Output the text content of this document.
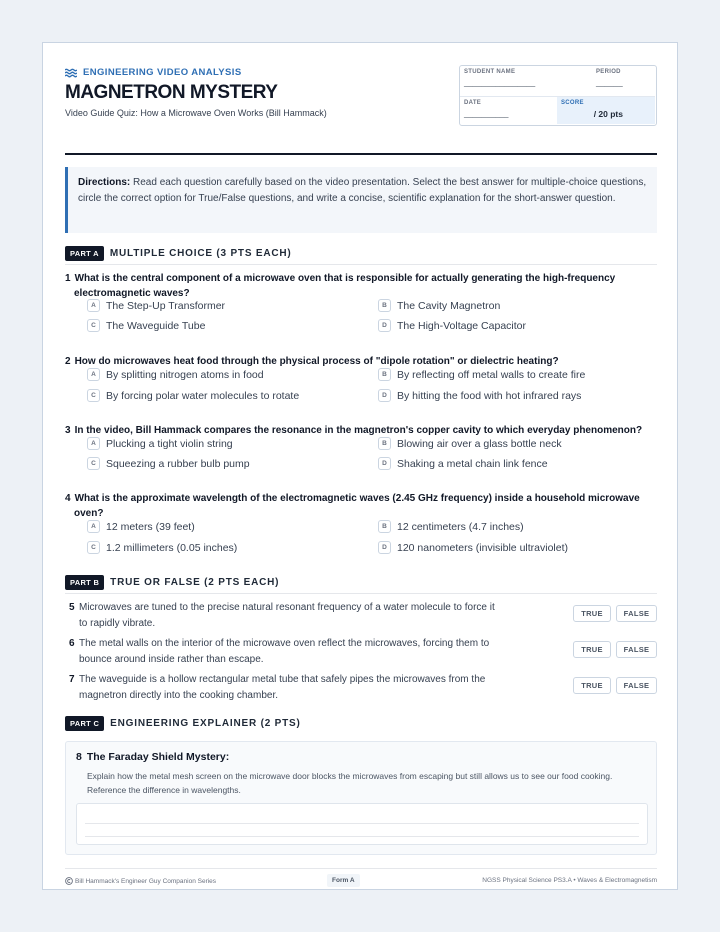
ENGINEERING VIDEO ANALYSIS
MAGNETRON MYSTERY
Video Guide Quiz: How a Microwave Oven Works (Bill Hammack)
STUDENT NAME
________________
PERIOD
______
DATE
__________
SCORE
/ 20 pts
Directions: Read each question carefully based on the video presentation. Select the best answer for multiple-choice questions, circle the correct option for True/False questions, and write a concise, scientific explanation for the short-answer question.
PART A	MULTIPLE CHOICE (3 PTS EACH)
1 What is the central component of a microwave oven that is responsible for actually generating the high-frequency electromagnetic waves?
A The Step-Up Transformer	B The Cavity Magnetron
C The Waveguide Tube	D The High-Voltage Capacitor
2 How do microwaves heat food through the physical process of "dipole rotation" or dielectric heating?
A By splitting nitrogen atoms in food	B By reflecting off metal walls to create fire
C By forcing polar water molecules to rotate	D By hitting the food with hot infrared rays
3 In the video, Bill Hammack compares the resonance in the magnetron's copper cavity to which everyday phenomenon?
A Plucking a tight violin string	B Blowing air over a glass bottle neck
C Squeezing a rubber bulb pump	D Shaking a metal chain link fence
4 What is the approximate wavelength of the electromagnetic waves (2.45 GHz frequency) inside a household microwave oven?
A 12 meters (39 feet)	B 12 centimeters (4.7 inches)
C 1.2 millimeters (0.05 inches)	D 120 nanometers (invisible ultraviolet)
PART B	TRUE OR FALSE (2 PTS EACH)
5 Microwaves are tuned to the precise natural resonant frequency of a water molecule to force it to rapidly vibrate.
TRUE	FALSE
6 The metal walls on the interior of the microwave oven reflect the microwaves, forcing them to bounce around inside rather than escape.
TRUE	FALSE
7 The waveguide is a hollow rectangular metal tube that safely pipes the microwaves from the magnetron directly into the cooking chamber.
TRUE	FALSE
PART C	ENGINEERING EXPLAINER (2 PTS)
8 The Faraday Shield Mystery:
Explain how the metal mesh screen on the microwave door blocks the microwaves from escaping but still allows us to see our food cooking. Reference the difference in wavelengths.
Bill Hammack's Engineer Guy Companion Series	Form A	NGSS Physical Science PS3.A • Waves & Electromagnetism
